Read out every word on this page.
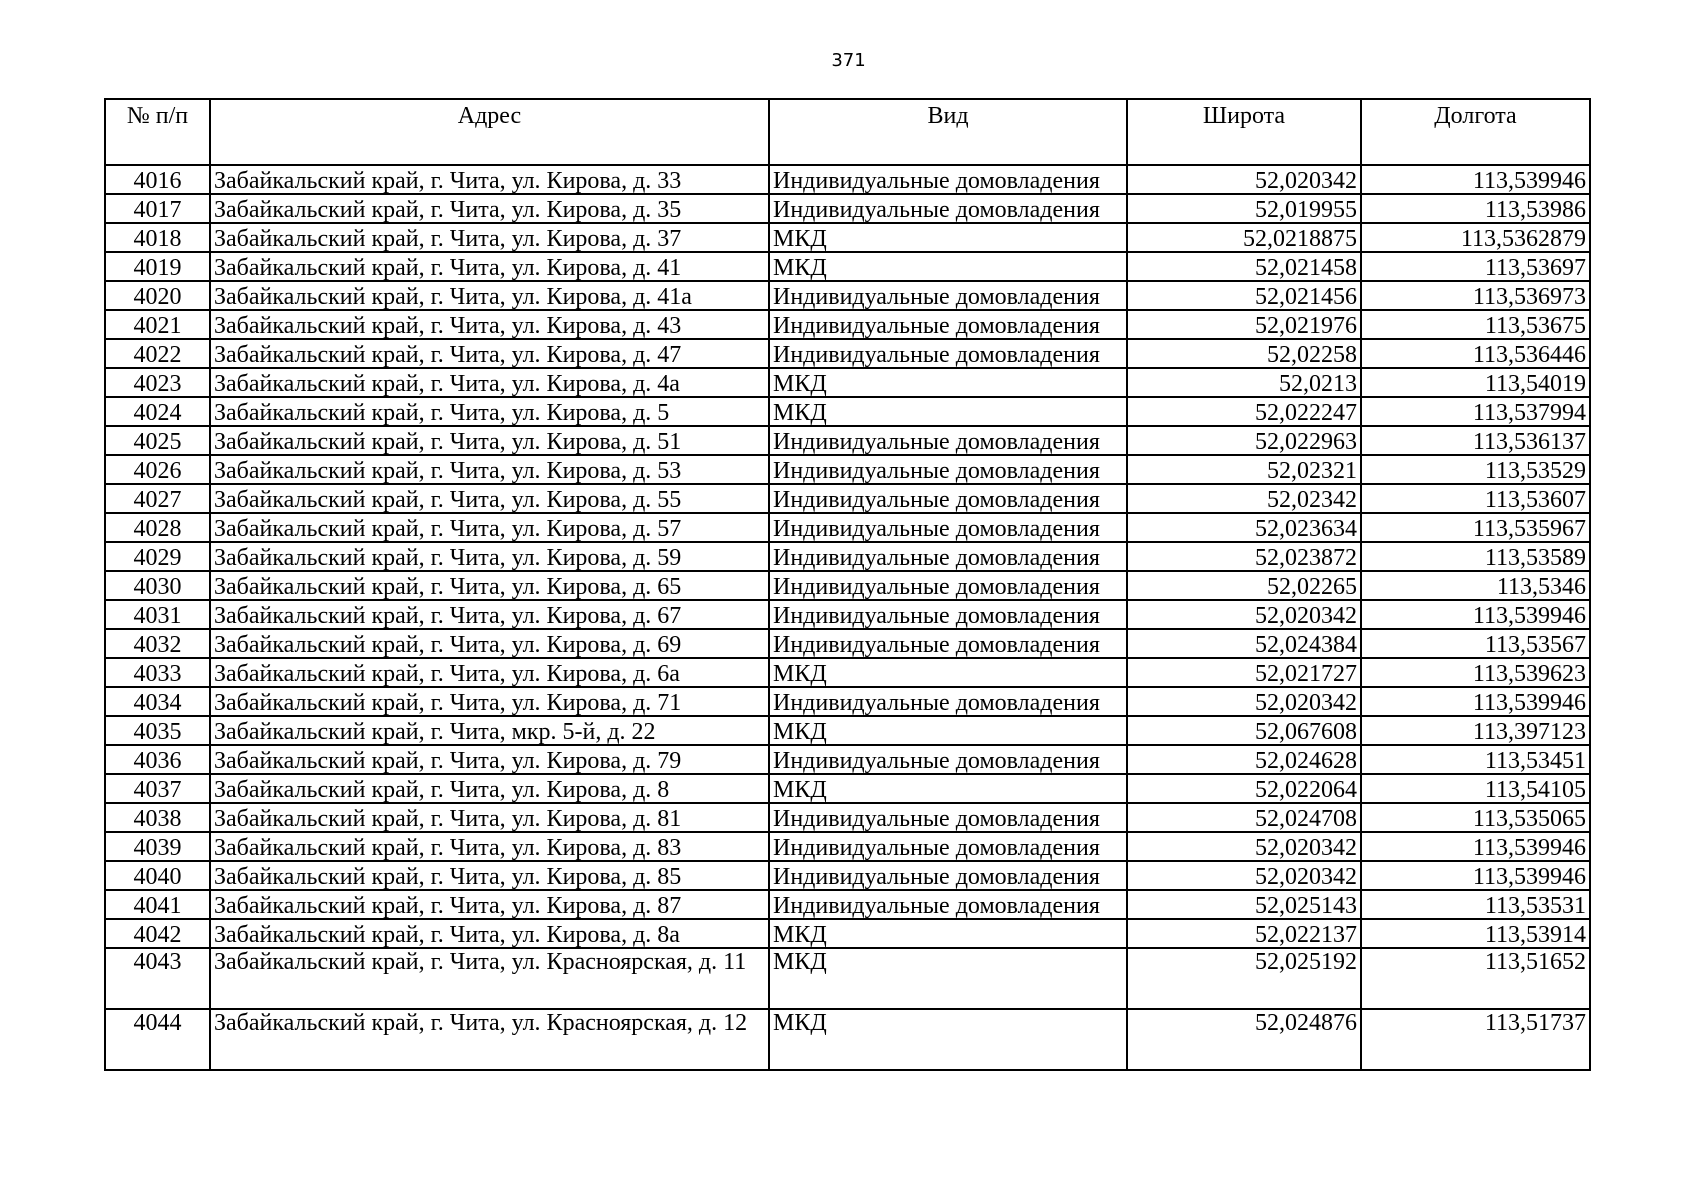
371
№ п/п	Адрес	Вид	Широта	Долгота
4016	Забайкальский край, г. Чита, ул. Кирова, д. 33	Индивидуальные домовладения	52,020342	113,539946
4017	Забайкальский край, г. Чита, ул. Кирова, д. 35	Индивидуальные домовладения	52,019955	113,53986
4018	Забайкальский край, г. Чита, ул. Кирова, д. 37	МКД	52,0218875	113,5362879
4019	Забайкальский край, г. Чита, ул. Кирова, д. 41	МКД	52,021458	113,53697
4020	Забайкальский край, г. Чита, ул. Кирова, д. 41а	Индивидуальные домовладения	52,021456	113,536973
4021	Забайкальский край, г. Чита, ул. Кирова, д. 43	Индивидуальные домовладения	52,021976	113,53675
4022	Забайкальский край, г. Чита, ул. Кирова, д. 47	Индивидуальные домовладения	52,02258	113,536446
4023	Забайкальский край, г. Чита, ул. Кирова, д. 4а	МКД	52,0213	113,54019
4024	Забайкальский край, г. Чита, ул. Кирова, д. 5	МКД	52,022247	113,537994
4025	Забайкальский край, г. Чита, ул. Кирова, д. 51	Индивидуальные домовладения	52,022963	113,536137
4026	Забайкальский край, г. Чита, ул. Кирова, д. 53	Индивидуальные домовладения	52,02321	113,53529
4027	Забайкальский край, г. Чита, ул. Кирова, д. 55	Индивидуальные домовладения	52,02342	113,53607
4028	Забайкальский край, г. Чита, ул. Кирова, д. 57	Индивидуальные домовладения	52,023634	113,535967
4029	Забайкальский край, г. Чита, ул. Кирова, д. 59	Индивидуальные домовладения	52,023872	113,53589
4030	Забайкальский край, г. Чита, ул. Кирова, д. 65	Индивидуальные домовладения	52,02265	113,5346
4031	Забайкальский край, г. Чита, ул. Кирова, д. 67	Индивидуальные домовладения	52,020342	113,539946
4032	Забайкальский край, г. Чита, ул. Кирова, д. 69	Индивидуальные домовладения	52,024384	113,53567
4033	Забайкальский край, г. Чита, ул. Кирова, д. 6а	МКД	52,021727	113,539623
4034	Забайкальский край, г. Чита, ул. Кирова, д. 71	Индивидуальные домовладения	52,020342	113,539946
4035	Забайкальский край, г. Чита, мкр. 5-й, д. 22	МКД	52,067608	113,397123
4036	Забайкальский край, г. Чита, ул. Кирова, д. 79	Индивидуальные домовладения	52,024628	113,53451
4037	Забайкальский край, г. Чита, ул. Кирова, д. 8	МКД	52,022064	113,54105
4038	Забайкальский край, г. Чита, ул. Кирова, д. 81	Индивидуальные домовладения	52,024708	113,535065
4039	Забайкальский край, г. Чита, ул. Кирова, д. 83	Индивидуальные домовладения	52,020342	113,539946
4040	Забайкальский край, г. Чита, ул. Кирова, д. 85	Индивидуальные домовладения	52,020342	113,539946
4041	Забайкальский край, г. Чита, ул. Кирова, д. 87	Индивидуальные домовладения	52,025143	113,53531
4042	Забайкальский край, г. Чита, ул. Кирова, д. 8а	МКД	52,022137	113,53914
4043	Забайкальский край, г. Чита, ул. Красноярская, д. 11	МКД	52,025192	113,51652
4044	Забайкальский край, г. Чита, ул. Красноярская, д. 12	МКД	52,024876	113,51737
